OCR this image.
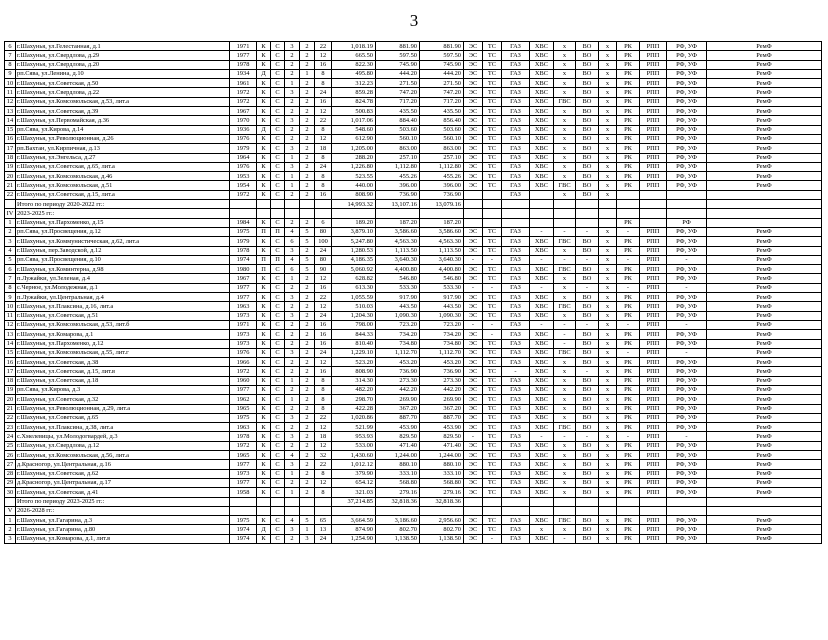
3
6	г.Шахунья, ул.Гелестанная, д.1	1971	К	С	3	2	22	1,018.19	881.90	881.90	ЭС	ТС	ГАЗ	ХВС	х	ВО	х	РК	РПП	РФ, УФ	РемФ
7	г.Шахунья, ул.Свердлова, д.29	1977	К	С	2	2	12	665.50	597.50	597.50	ЭС	ТС	ГАЗ	ХВС	х	ВО	х	РК	РПП	РФ, УФ	РемФ
8	г.Шахунья, ул.Свердлова, д.20	1978	К	С	2	2	16	822.30	745.90	745.90	ЭС	ТС	ГАЗ	ХВС	х	ВО	х	РК	РПП	РФ, УФ	РемФ
9	рп.Сява, ул.Ленина, д.10	1934	Д	С	2	1	8	495.80	444.20	444.20	ЭС	ТС	ГАЗ	ХВС	х	ВО	х	РК	РПП	РФ, УФ	РемФ
10	г.Шахунья, ул.Советская, д.50	1961	К	С	1	2	8	312.23	271.50	271.50	ЭС	ТС	ГАЗ	ХВС	х	ВО	х	РК	РПП	РФ, УФ	РемФ
11	г.Шахунья, ул.Свердлова, д.22	1972	К	С	3	2	24	859.28	747.20	747.20	ЭС	ТС	ГАЗ	ХВС	х	ВО	х	РК	РПП	РФ, УФ	РемФ
12	г.Шахунья, ул.Комсомольская, д.53, лит.а	1972	К	С	2	2	16	824.78	717.20	717.20	ЭС	ТС	ГАЗ	ХВС	ГВС	ВО	х	РК	РПП	РФ, УФ	РемФ
13	г.Шахунья, ул.Советская, д.39	1967	К	С	2	2	12	500.83	435.50	435.50	ЭС	ТС	ГАЗ	ХВС	х	ВО	х	РК	РПП	РФ, УФ	РемФ
14	г.Шахунья, ул.Первомайская, д.36	1970	К	С	3	2	22	1,017.06	884.40	856.40	ЭС	ТС	ГАЗ	ХВС	х	ВО	х	РК	РПП	РФ, УФ	РемФ
15	рп.Сява, ул.Кирова, д.14	1936	Д	С	2	2	8	548.60	503.60	503.60	ЭС	ТС	ГАЗ	ХВС	х	ВО	х	РК	РПП	РФ, УФ	РемФ
16	г.Шахунья, ул.Революционная, д.26	1976	К	С	2	2	12	612.90	560.10	560.10	ЭС	ТС	ГАЗ	ХВС	х	ВО	х	РК	РПП	РФ, УФ	РемФ
17	рп.Вахтан, ул.Кирпичная, д.13	1979	К	С	3	2	18	1,205.00	863.00	863.00	ЭС	ТС	ГАЗ	ХВС	х	ВО	х	РК	РПП	РФ, УФ	РемФ
18	г.Шахунья, ул.Энгельса, д.27	1964	К	С	1	2	8	288.20	257.10	257.10	ЭС	ТС	ГАЗ	ХВС	х	ВО	х	РК	РПП	РФ, УФ	РемФ
19	г.Шахунья, ул.Советская, д.65, лит.а	1976	К	С	3	2	24	1,226.80	1,112.80	1,112.80	ЭС	ТС	ГАЗ	ХВС	х	ВО	х	РК	РПП	РФ, УФ	РемФ
20	г.Шахунья, ул.Комсомольская, д.46	1953	К	С	1	2	8	523.55	455.26	455.26	ЭС	ТС	ГАЗ	ХВС	х	ВО	х	РК	РПП	РФ, УФ	РемФ
21	г.Шахунья, ул.Комсомольская, д.51	1954	К	С	1	2	8	440.00	396.00	396.00	ЭС	ТС	ГАЗ	ХВС	ГВС	ВО	х	РК	РПП	РФ, УФ	РемФ
22	г.Шахунья, ул.Советская, д.15, лит.а	1972	К	С	2	2	16	808.90	736.90	736.90			ГАЗ		х	ВО	х				
	Итого по периоду 2020-2022 гг.:							14,993.32	13,107.16	13,079.16											
IV	2023-2025 гг.:																				
1	г.Шахунья, ул.Пархоменко, д.15	1984	К	С	2	2	6	189.20	187.20	187.20								РК		РФ	
2	рп.Сява, ул.Просвещения, д.12	1975	П	П	4	5	80	3,879.10	3,586.60	3,586.60	ЭС	ТС	ГАЗ	-	-	-	х	-	РПП	РФ, УФ	РемФ
3	г.Шахунья, ул.Коммунистическая, д.62, лит.а	1979	К	С	6	5	100	5,247.80	4,563.30	4,563.30	ЭС	ТС	ГАЗ	ХВС	ГВС	ВО	х	РК	РПП	РФ, УФ	РемФ
4	г.Шахунья, пер.Заводской, д.12	1978	К	С	3	2	24	1,280.53	1,113.50	1,113.50	ЭС	ТС	ГАЗ	ХВС	х	ВО	х	РК	РПП	РФ, УФ	РемФ
5	рп.Сява, ул.Просвещения, д.10	1974	П	П	4	5	80	4,186.35	3,640.30	3,640.30	-	-	ГАЗ	-	-	-	х	-	РПП	-	РемФ
6	г.Шахунья, ул.Коминтерна, д.98	1980	П	С	6	5	90	5,060.92	4,400.80	4,400.80	ЭС	ТС	ГАЗ	ХВС	ГВС	ВО	х	РК	РПП	РФ, УФ	РемФ
7	п.Лужайки, ул.Зеленая, д.4	1967	К	С	1	2	12	628.82	546.80	546.80	ЭС	ТС	ГАЗ	ХВС	х	ВО	х	РК	РПП	РФ, УФ	РемФ
8	с.Черное, ул.Молодежная, д.1	1977	К	С	2	2	16	613.30	533.30	533.30	-	-	ГАЗ	-	х	-	х	-	РПП	-	РемФ
9	п.Лужайки, ул.Центральная, д.4	1977	К	С	3	2	22	1,055.59	917.90	917.90	ЭС	ТС	ГАЗ	ХВС	х	ВО	х	РК	РПП	РФ, УФ	РемФ
10	г.Шахунья, ул.Плаксина, д.16, лит.а	1963	К	С	2	2	12	510.03	443.50	443.50	ЭС	ТС	ГАЗ	ХВС	ГВС	ВО	х	РК	РПП	РФ, УФ	РемФ
11	г.Шахунья, ул.Советская, д.51	1973	К	С	3	2	24	1,204.30	1,090.30	1,090.30	ЭС	ТС	ГАЗ	ХВС	х	ВО	х	РК	РПП	РФ, УФ	РемФ
12	г.Шахунья, ул.Комсомольская, д.53, лит.б	1971	К	С	2	2	16	798.00	723.20	723.20	-	-	ГАЗ	-	-	-	х	-	РПП	-	РемФ
13	г.Шахунья, ул.Комарова, д.1	1973	К	С	2	2	16	844.33	734.20	734.20	ЭС	-	ГАЗ	ХВС	-	ВО	х	РК	РПП	РФ, УФ	РемФ
14	г.Шахунья, ул.Пархоменко, д.12	1973	К	С	2	2	16	810.40	734.80	734.80	ЭС	ТС	ГАЗ	ХВС	-	ВО	х	РК	РПП	РФ, УФ	РемФ
15	г.Шахунья, ул.Комсомольская, д.55, лит.г	1976	К	С	3	2	24	1,229.10	1,112.70	1,112.70	ЭС	ТС	ГАЗ	ХВС	ГВС	ВО	х	-	РПП	-	РемФ
16	г.Шахунья, ул.Советская, д.38	1966	К	С	2	2	12	523.20	453.20	453.20	ЭС	ТС	ГАЗ	ХВС	х	ВО	х	РК	РПП	РФ, УФ	РемФ
17	г.Шахунья, ул.Советская, д.15, лит.в	1972	К	С	2	2	16	808.90	736.90	736.90	ЭС	ТС	-	ХВС	х	-	х	РК	РПП	РФ, УФ	РемФ
18	г.Шахунья, ул.Советская, д.18	1960	К	С	1	2	8	314.30	273.30	273.30	ЭС	ТС	ГАЗ	ХВС	х	ВО	х	РК	РПП	РФ, УФ	РемФ
19	рп.Сява, ул.Кирова, д.3	1977	К	С	2	2	8	482.20	442.20	442.20	ЭС	ТС	ГАЗ	ХВС	х	ВО	х	РК	РПП	РФ, УФ	РемФ
20	г.Шахунья, ул.Советская, д.32	1962	К	С	1	2	8	298.70	269.90	269.90	ЭС	ТС	ГАЗ	ХВС	х	ВО	х	РК	РПП	РФ, УФ	РемФ
21	г.Шахунья, ул.Революционная, д.29, лит.а	1965	К	С	2	2	8	422.28	367.20	367.20	ЭС	ТС	ГАЗ	ХВС	х	ВО	х	РК	РПП	РФ, УФ	РемФ
22	г.Шахунья, ул.Советская, д.65	1975	К	С	3	2	22	1,020.86	887.70	887.70	ЭС	ТС	ГАЗ	ХВС	х	ВО	х	РК	РПП	РФ, УФ	РемФ
23	г.Шахунья, ул.Плаксина, д.38, лит.а	1963	К	С	2	2	12	521.99	453.90	453.90	ЭС	ТС	ГАЗ	ХВС	ГВС	ВО	х	РК	РПП	РФ, УФ	РемФ
24	с.Хмелевицы, ул.Молодогвардей, д.3	1978	К	С	3	2	18	953.93	829.50	829.50	-	ТС	ГАЗ	-	-	-	х	-	РПП	-	РемФ
25	г.Шахунья, ул.Свердлова, д.12	1972	К	С	2	2	12	533.00	471.40	471.40	ЭС	ТС	ГАЗ	ХВС	х	ВО	х	РК	РПП	РФ, УФ	РемФ
26	г.Шахунья, ул.Комсомольская, д.56, лит.а	1965	К	С	4	2	32	1,430.60	1,244.00	1,244.00	ЭС	ТС	ГАЗ	ХВС	х	ВО	х	РК	РПП	РФ, УФ	РемФ
27	д.Красногор, ул.Центральная, д.16	1977	К	С	3	2	22	1,012.12	880.10	880.10	ЭС	ТС	ГАЗ	ХВС	х	ВО	х	РК	РПП	РФ, УФ	РемФ
28	г.Шахунья, ул.Советская, д.62	1973	К	С	1	2	8	379.90	333.10	333.10	ЭС	ТС	ГАЗ	ХВС	х	ВО	х	РК	РПП	РФ, УФ	РемФ
29	д.Красногор, ул.Центральная, д.17	1977	К	С	2	2	12	654.12	568.80	568.80	ЭС	ТС	ГАЗ	ХВС	х	ВО	х	РК	РПП	РФ, УФ	РемФ
30	г.Шахунья, ул.Советская, д.41	1958	К	С	1	2	8	321.03	279.16	279.16	ЭС	ТС	ГАЗ	ХВС	х	ВО	х	РК	РПП	РФ, УФ	РемФ
	Итого по периоду 2023-2025 гг.:							37,214.85	32,818.36	32,818.36											
V	2026-2028 гг.:																				
1	г.Шахунья, ул.Гагарина, д.3	1975	К	С	4	5	65	3,664.59	3,186.60	2,956.60	ЭС	ТС	ГАЗ	ХВС	ГВС	ВО	х	РК	РПП	РФ, УФ	РемФ
2	г.Шахунья, ул.Гагарина, д.80	1974	Д	С	3	1	13	874.90	802.70	802.70	ЭС	ТС	ГАЗ	х	х	ВО	х	РК	РПП	РФ, УФ	РемФ
3	г.Шахунья, ул.Комарова, д.1, лит.в	1974	К	С	2	3	24	1,254.90	1,138.50	1,138.50	ЭС	-	ГАЗ	ХВС	-	ВО	х	РК	РПП	РФ, УФ	РемФ
